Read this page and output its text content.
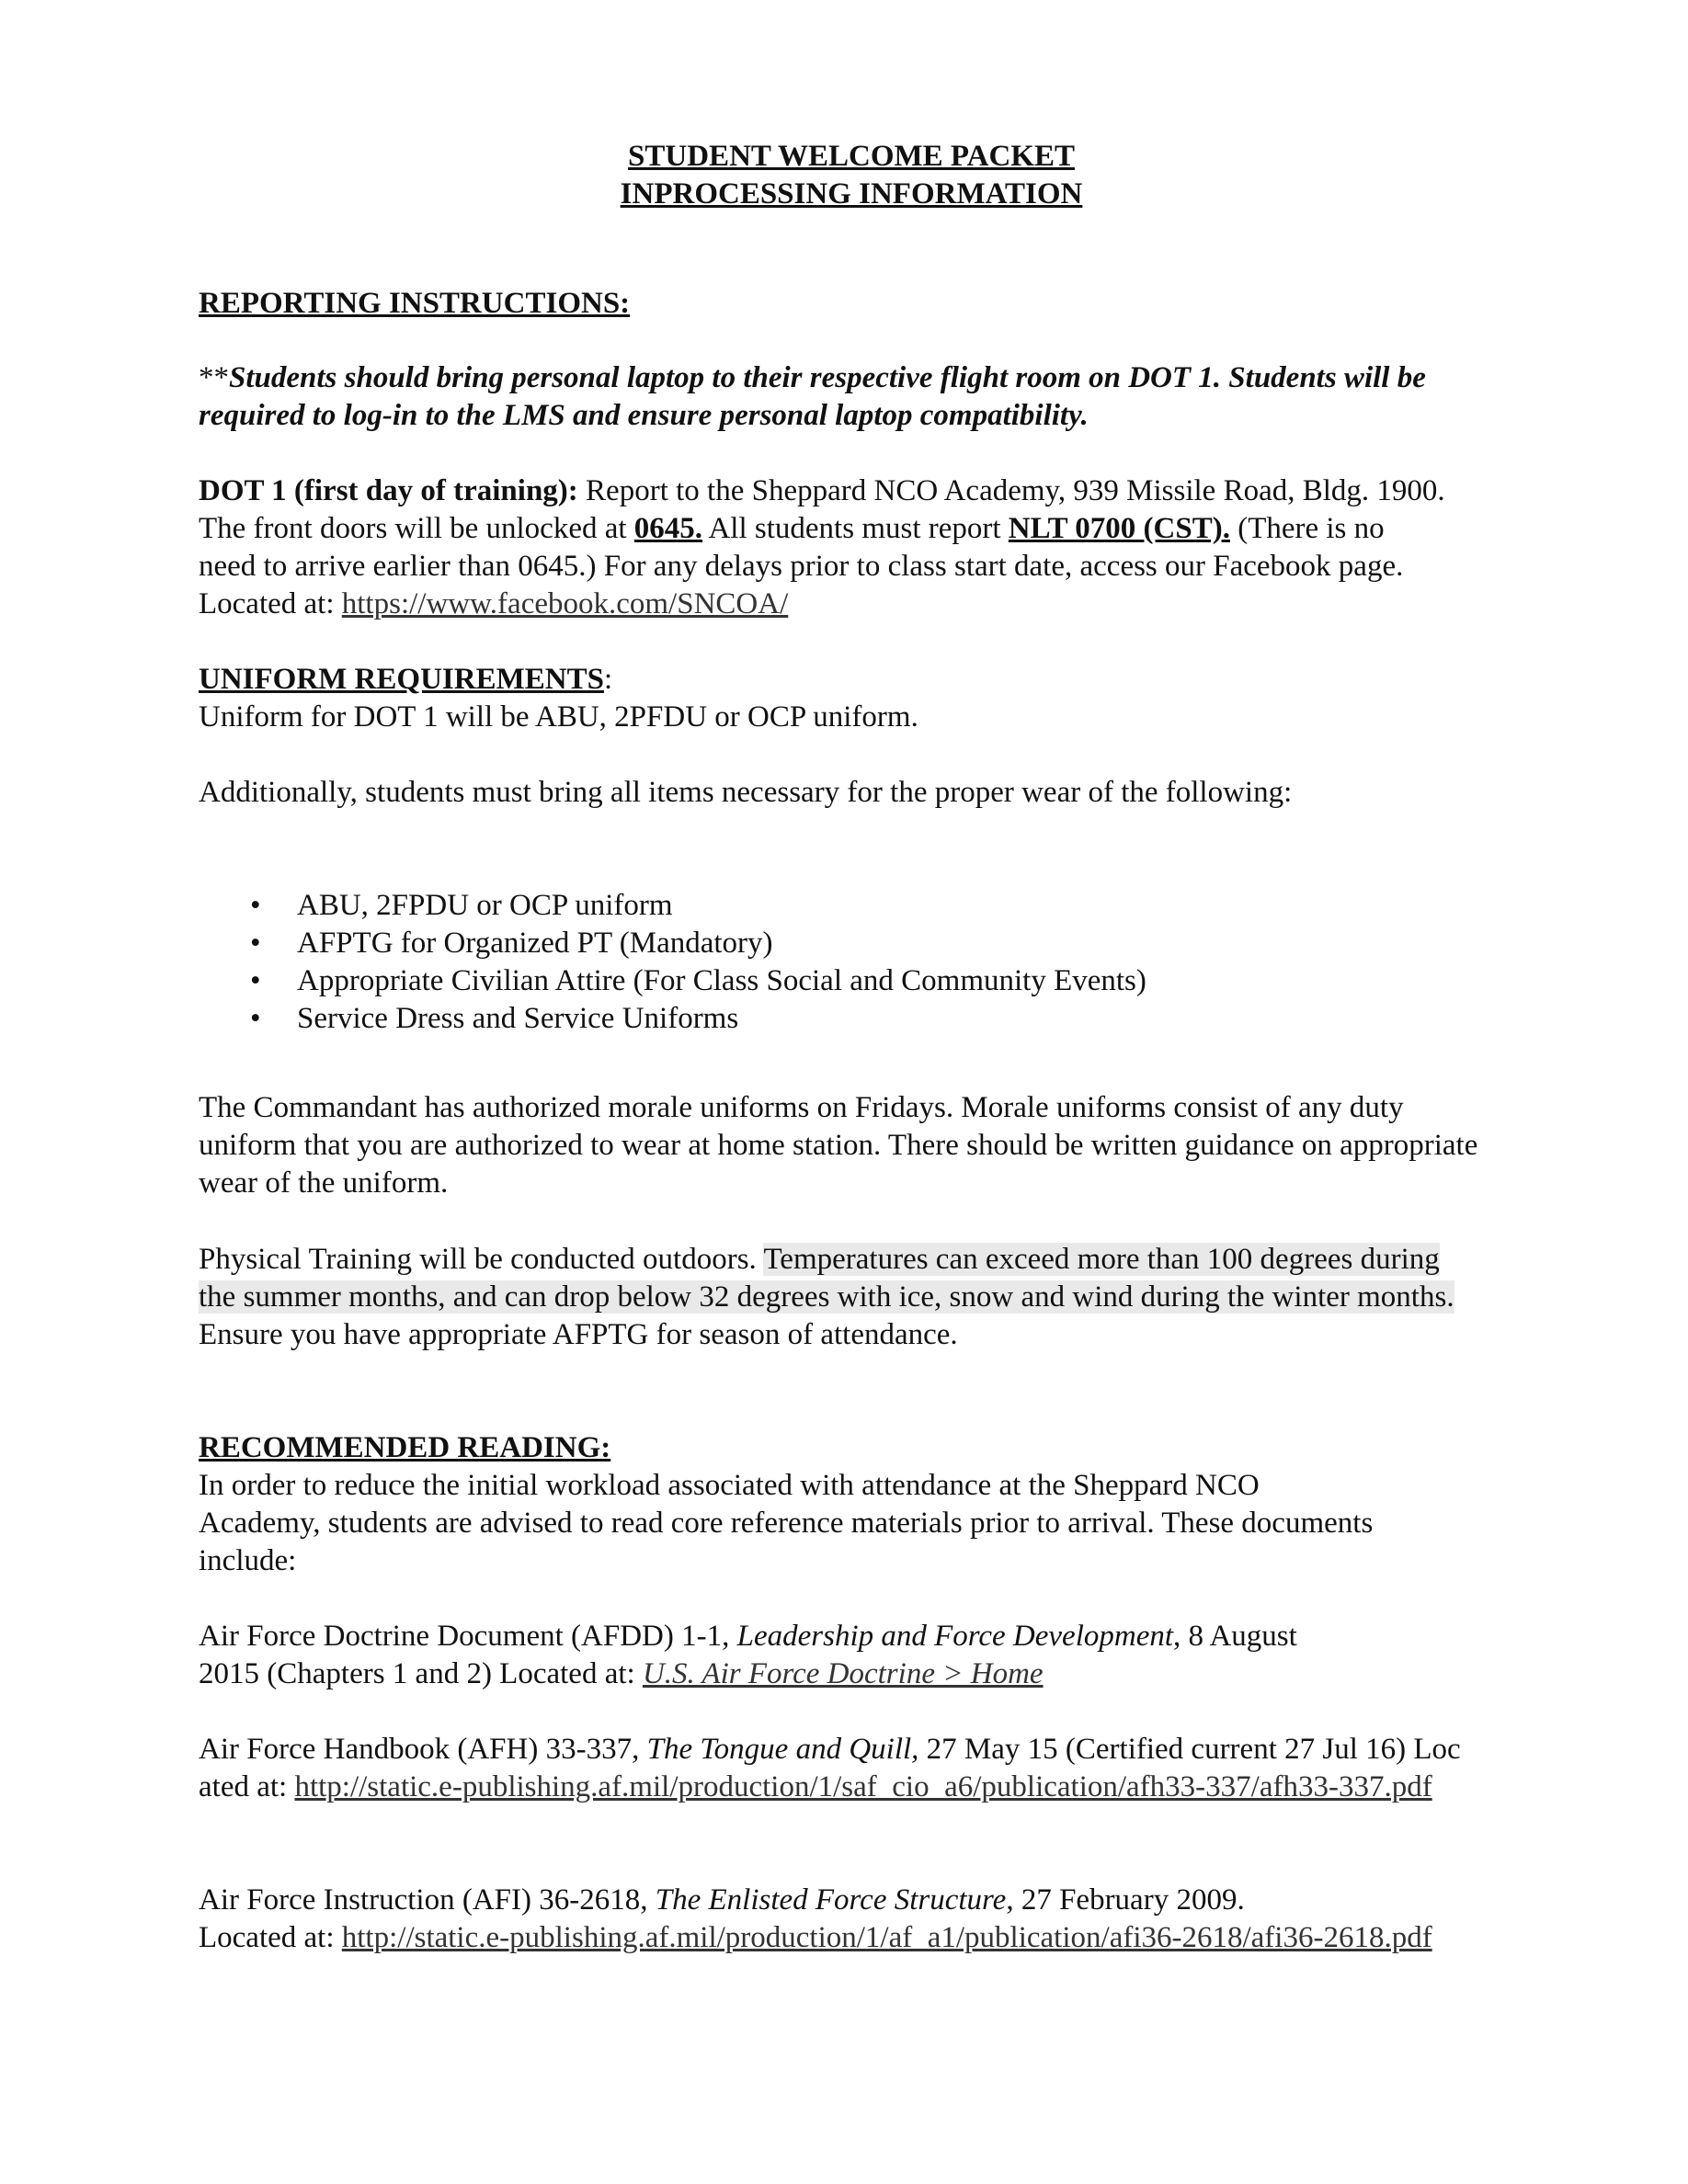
STUDENT WELCOME PACKET
INPROCESSING INFORMATION

REPORTING INSTRUCTIONS:

**Students should bring personal laptop to their respective flight room on DOT 1. Students will be required to log-in to the LMS and ensure personal laptop compatibility.

DOT 1 (first day of training): Report to the Sheppard NCO Academy, 939 Missile Road, Bldg. 1900. The front doors will be unlocked at 0645. All students must report NLT 0700 (CST). (There is no need to arrive earlier than 0645.) For any delays prior to class start date, access our Facebook page. Located at: https://www.facebook.com/SNCOA/

UNIFORM REQUIREMENTS:

Uniform for DOT 1 will be ABU, 2PFDU or OCP uniform.

Additionally, students must bring all items necessary for the proper wear of the following:

• ABU, 2FPDU or OCP uniform
• AFPTG for Organized PT (Mandatory)
• Appropriate Civilian Attire (For Class Social and Community Events)
• Service Dress and Service Uniforms

The Commandant has authorized morale uniforms on Fridays. Morale uniforms consist of any duty uniform that you are authorized to wear at home station. There should be written guidance on appropriate wear of the uniform.

Physical Training will be conducted outdoors. Temperatures can exceed more than 100 degrees during the summer months, and can drop below 32 degrees with ice, snow and wind during the winter months. Ensure you have appropriate AFPTG for season of attendance.

RECOMMENDED READING:

In order to reduce the initial workload associated with attendance at the Sheppard NCO Academy, students are advised to read core reference materials prior to arrival. These documents include:

Air Force Doctrine Document (AFDD) 1-1, Leadership and Force Development, 8 August 2015 (Chapters 1 and 2) Located at: U.S. Air Force Doctrine > Home

Air Force Handbook (AFH) 33-337, The Tongue and Quill, 27 May 15 (Certified current 27 Jul 16) Located at: http://static.e-publishing.af.mil/production/1/saf_cio_a6/publication/afh33-337/afh33-337.pdf

Air Force Instruction (AFI) 36-2618, The Enlisted Force Structure, 27 February 2009.

Located at: http://static.e-publishing.af.mil/production/1/af_a1/publication/afi36-2618/afi36-2618.pdf
